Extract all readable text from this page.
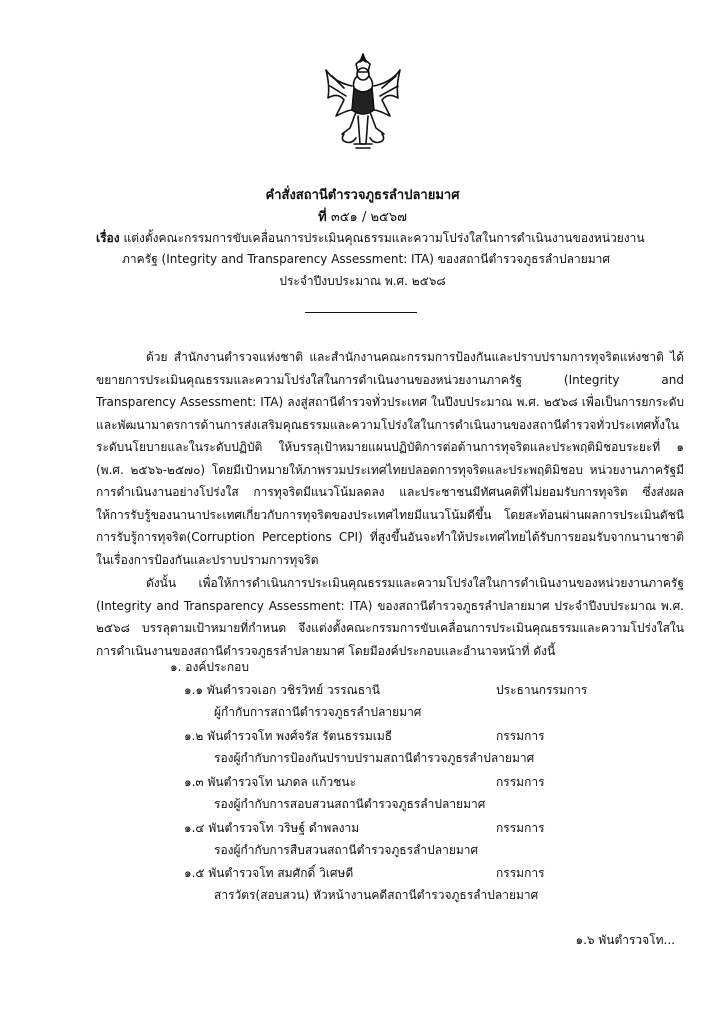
คำสั่งสถานีตำรวจภูธรลำปลายมาศ
ที่ ๓๕๑ / ๒๕๖๗
เรื่อง แต่งตั้งคณะกรรมการขับเคลื่อนการประเมินคุณธรรมและความโปร่งใสในการดำเนินงานของหน่วยงาน
ภาครัฐ (Integrity and Transparency Assessment: ITA) ของสถานีตำรวจภูธรลำปลายมาศ
ประจำปีงบประมาณ พ.ศ. ๒๕๖๘
ด้วย สำนักงานตำรวจแห่งชาติ และสำนักงานคณะกรรมการป้องกันและปราบปรามการทุจริตแห่งชาติ ได้ขยายการประเมินคุณธรรมและความโปร่งใสในการดำเนินงานของหน่วยงานภาครัฐ (Integrity and Transparency Assessment: ITA) ลงสู่สถานีตำรวจทั่วประเทศ ในปีงบประมาณ พ.ศ. ๒๕๖๘ เพื่อเป็นการยกระดับและพัฒนามาตรการด้านการส่งเสริมคุณธรรมและความโปร่งใสในการดำเนินงานของสถานีตำรวจทั่วประเทศทั้งในระดับนโยบายและในระดับปฏิบัติ ให้บรรลุเป้าหมายแผนปฏิบัติการต่อต้านการทุจริตและประพฤติมิชอบระยะที่ ๑ (พ.ศ. ๒๕๖๖-๒๕๗๐) โดยมีเป้าหมายให้ภาพรวมประเทศไทยปลอดการทุจริตและประพฤติมิชอบ หน่วยงานภาครัฐมีการดำเนินงานอย่างโปร่งใส การทุจริตมีแนวโน้มลดลง และประชาชนมีทัศนคติที่ไม่ยอมรับการทุจริต ซึ่งส่งผลให้การรับรู้ของนานาประเทศเกี่ยวกับการทุจริตของประเทศไทยมีแนวโน้มดีขึ้น โดยสะท้อนผ่านผลการประเมินดัชนีการรับรู้การทุจริต(Corruption Perceptions CPI) ที่สูงขึ้นอันจะทำให้ประเทศไทยได้รับการยอมรับจากนานาชาติในเรื่องการป้องกันและปราบปรามการทุจริต
ดังนั้น เพื่อให้การดำเนินการประเมินคุณธรรมและความโปร่งใสในการดำเนินงานของหน่วยงานภาครัฐ (Integrity and Transparency Assessment: ITA) ของสถานีตำรวจภูธรลำปลายมาศ ประจำปีงบประมาณ พ.ศ. ๒๕๖๘ บรรลุตามเป้าหมายที่กำหนด จึงแต่งตั้งคณะกรรมการขับเคลื่อนการประเมินคุณธรรมและความโปร่งใสในการดำเนินงานของสถานีตำรวจภูธรลำปลายมาศ โดยมีองค์ประกอบและอำนาจหน้าที่ ดังนี้
๑. องค์ประกอบ
๑.๑ พันตำรวจเอก วชิรวิทย์ วรรณธานี	ประธานกรรมการ
ผู้กำกับการสถานีตำรวจภูธรลำปลายมาศ
๑.๒ พันตำรวจโท พงศ์จรัส รัตนธรรมเมธี	กรรมการ
รองผู้กำกับการป้องกันปราบปรามสถานีตำรวจภูธรลำปลายมาศ
๑.๓ พันตำรวจโท นภดล แก้วชนะ	กรรมการ
รองผู้กำกับการสอบสวนสถานีตำรวจภูธรลำปลายมาศ
๑.๔ พันตำรวจโท วริษฐ์ ดำพลงาม	กรรมการ
รองผู้กำกับการสืบสวนสถานีตำรวจภูธรลำปลายมาศ
๑.๕ พันตำรวจโท สมศักดิ์ วิเศษดี	กรรมการ
สารวัตร(สอบสวน) หัวหน้างานคดีสถานีตำรวจภูธรลำปลายมาศ
๑.๖ พันตำรวจโท...
